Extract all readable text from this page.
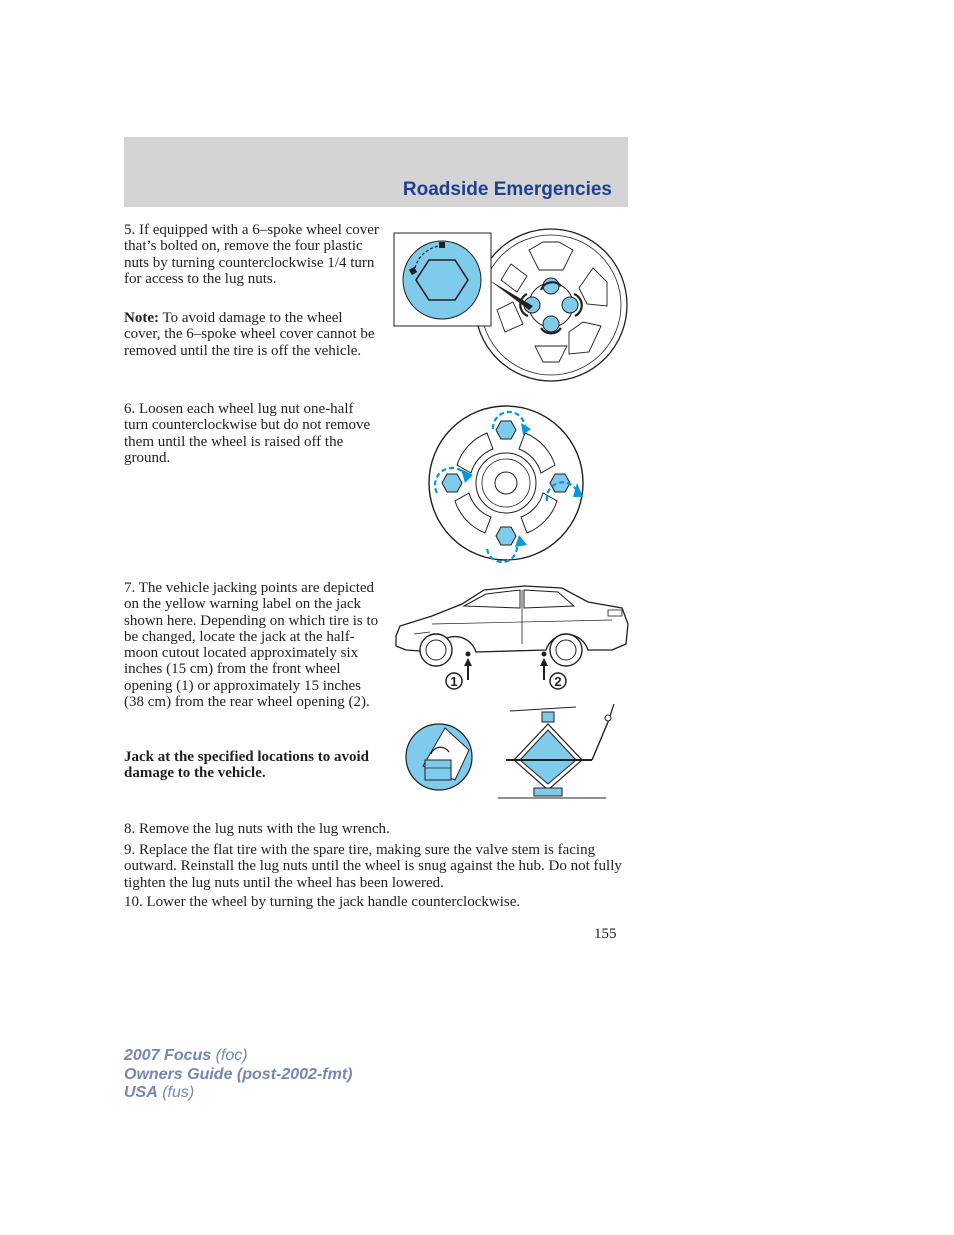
Roadside Emergencies

5. If equipped with a 6–spoke wheel cover that’s bolted on, remove the four plastic nuts by turning counterclockwise 1/4 turn for access to the lug nuts.

Note: To avoid damage to the wheel cover, the 6–spoke wheel cover cannot be removed until the tire is off the vehicle.

6. Loosen each wheel lug nut one-half turn counterclockwise but do not remove them until the wheel is raised off the ground.

7. The vehicle jacking points are depicted on the yellow warning label on the jack shown here. Depending on which tire is to be changed, locate the jack at the half-moon cutout located approximately six inches (15 cm) from the front wheel opening (1) or approximately 15 inches (38 cm) from the rear wheel opening (2).

Jack at the specified locations to avoid damage to the vehicle.

8. Remove the lug nuts with the lug wrench.

9. Replace the flat tire with the spare tire, making sure the valve stem is facing outward. Reinstall the lug nuts until the wheel is snug against the hub. Do not fully tighten the lug nuts until the wheel has been lowered.

10. Lower the wheel by turning the jack handle counterclockwise.

1	2
155
2007 Focus (foc)
Owners Guide (post-2002-fmt)
USA (fus)
